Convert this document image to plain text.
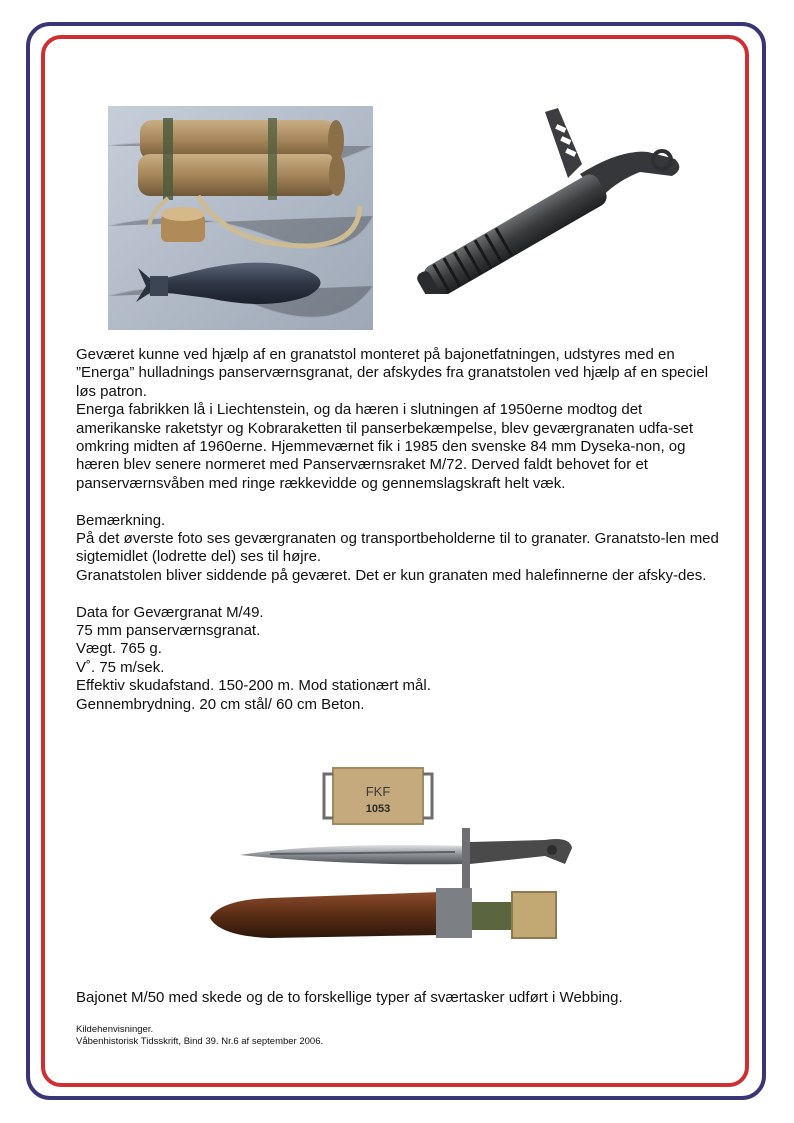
Geværet kunne ved hjælp af en granatstol monteret på bajonetfatningen, udstyres med en ”Energa” hulladnings panserværnsgranat, der afskydes fra granatstolen ved hjælp af en speciel løs patron.

Energa fabrikken lå i Liechtenstein, og da hæren i slutningen af 1950erne modtog det amerikanske raketstyr og Kobraraketten til panserbekæmpelse, blev geværgranaten udfa-set omkring midten af 1960erne. Hjemmeværnet fik i 1985 den svenske 84 mm Dyseka-non, og hæren blev senere normeret med Panserværnsraket M/72. Derved faldt behovet for et panserværnsvåben med ringe rækkevidde og gennemslagskraft helt væk.

Bemærkning.

På det øverste foto ses geværgranaten og transportbeholderne til to granater. Granatsto-len med sigtemidlet (lodrette del) ses til højre.

Granatstolen bliver siddende på geværet. Det er kun granaten med halefinnerne der afsky-des.

Data for Geværgranat M/49.

75 mm panserværnsgranat.

Vægt. 765 g.

V˚. 75 m/sek.

Effektiv skudafstand. 150-200 m. Mod stationært mål.

Gennembrydning. 20 cm stål/ 60 cm Beton.

FKF
1053
Bajonet M/50 med skede og de to forskellige typer af sværtasker udført i Webbing.

Kildehenvisninger.

Våbenhistorisk Tidsskrift, Bind 39. Nr.6 af september 2006.
